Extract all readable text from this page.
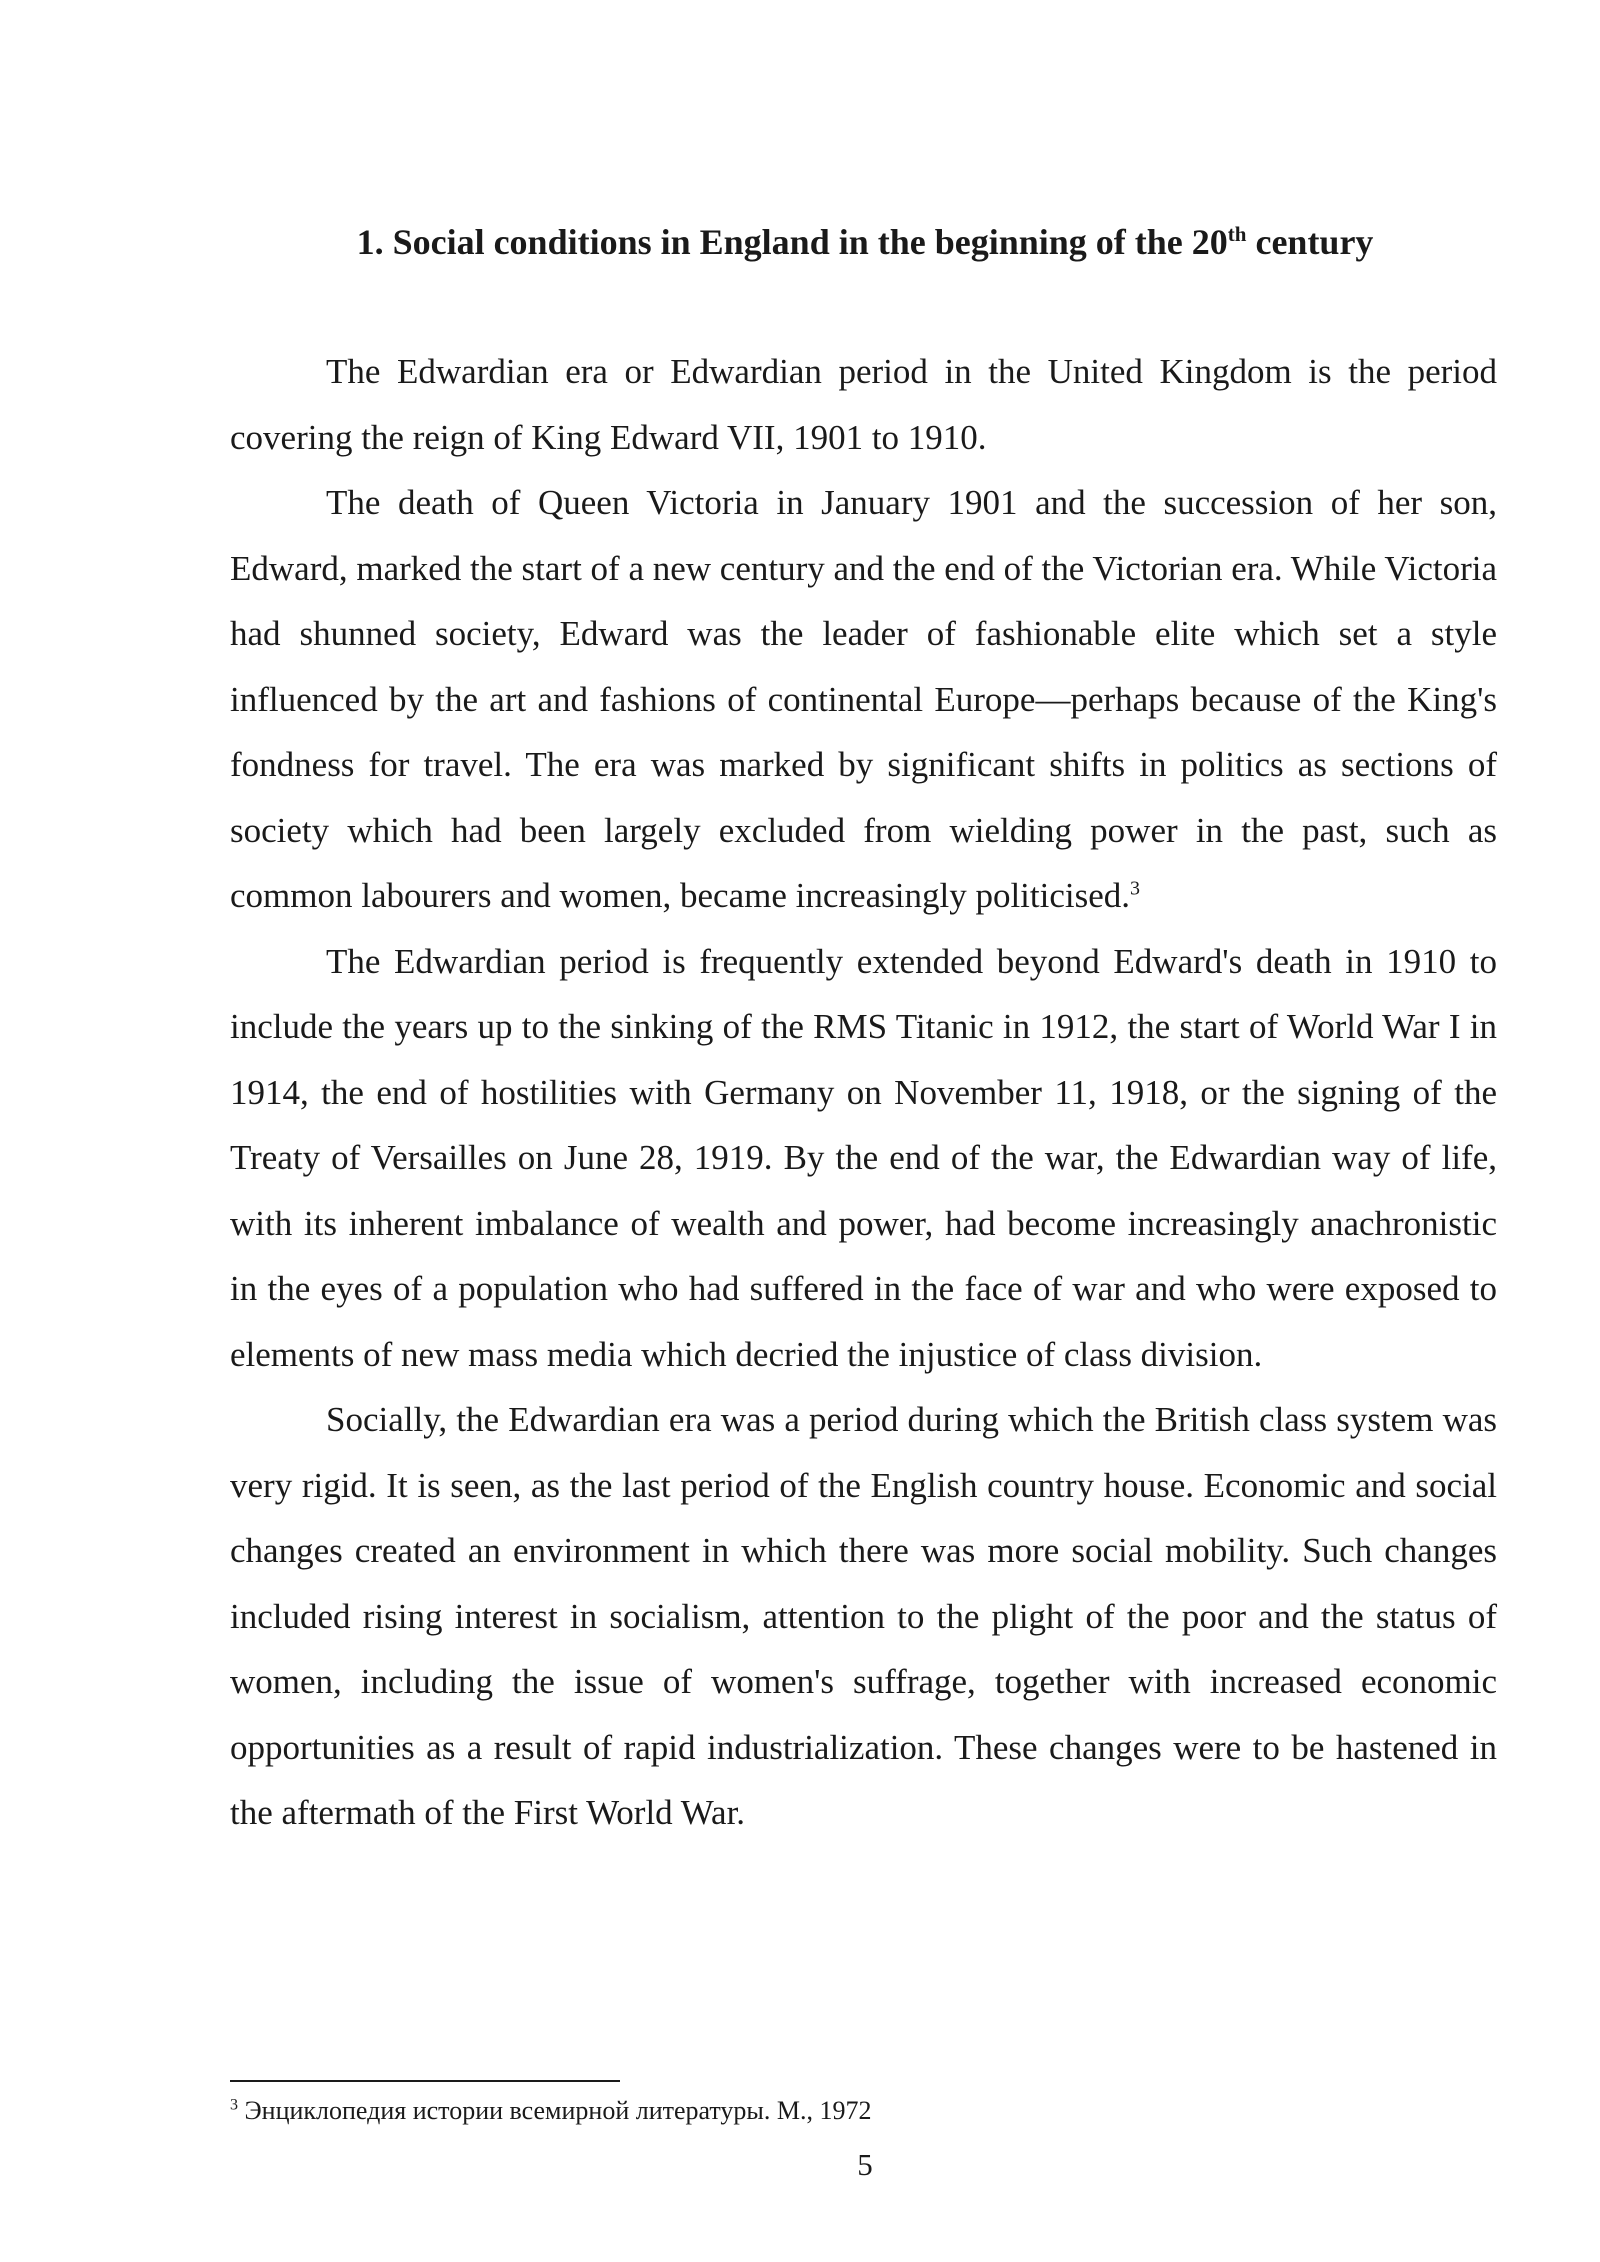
1. Social conditions in England in the beginning of the 20th century

The Edwardian era or Edwardian period in the United Kingdom is the period covering the reign of King Edward VII, 1901 to 1910.

The death of Queen Victoria in January 1901 and the succession of her son, Edward, marked the start of a new century and the end of the Victorian era. While Victoria had shunned society, Edward was the leader of fashionable elite which set a style influenced by the art and fashions of continental Europe—perhaps because of the King's fondness for travel. The era was marked by significant shifts in politics as sections of society which had been largely excluded from wielding power in the past, such as common labourers and women, became increasingly politicised.$^3$

The Edwardian period is frequently extended beyond Edward's death in 1910 to include the years up to the sinking of the RMS Titanic in 1912, the start of World War I in 1914, the end of hostilities with Germany on November 11, 1918, or the signing of the Treaty of Versailles on June 28, 1919. By the end of the war, the Edwardian way of life, with its inherent imbalance of wealth and power, had become increasingly anachronistic in the eyes of a population who had suffered in the face of war and who were exposed to elements of new mass media which decried the injustice of class division.

Socially, the Edwardian era was a period during which the British class system was very rigid. It is seen, as the last period of the English country house. Economic and social changes created an environment in which there was more social mobility. Such changes included rising interest in socialism, attention to the plight of the poor and the status of women, including the issue of women's suffrage, together with increased economic opportunities as a result of rapid industrialization. These changes were to be hastened in the aftermath of the First World War.

$^3$ Энциклопедия истории всемирной литературы. М., 1972
5
